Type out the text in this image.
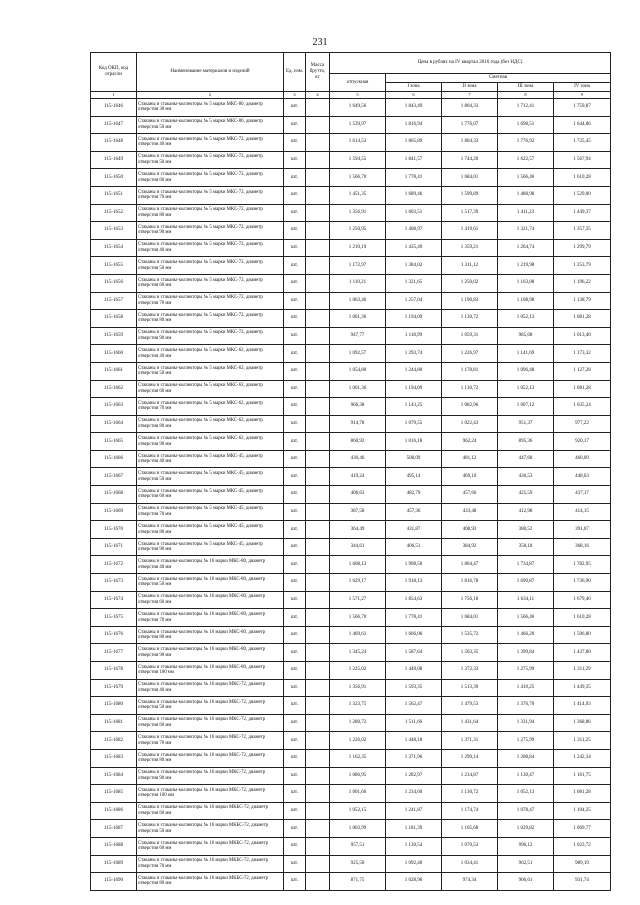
231
Код ОКП, код отрасли	Наименование материалов и изделий	Ед. изм.	Масса брутто, кг	Цена в рублях на IV квартал 2016 года (без НДС)				
				отпускная	Сметная			
					I зона	II зона	III зона	IV зона
1	2	3	4	5	6	7	8	9
115-1646	Стаканы и стаканы-коллекторы № 5 марки МКС-80, диаметр отверстия 30 мм	шт.		1 649,56	1 843,49	1 804,33	1 712,41	1 759,87
115-1647	Стаканы и стаканы-коллекторы № 5 марки МКС-80, диаметр отверстия 50 мм	шт.		1 539,97	1 816,94	1 776,07	1 698,51	1 644,86
115-1648	Стаканы и стаканы-коллекторы № 5 марки МКС-72, диаметр отверстия 40 мм	шт.		1 614,53	1 865,89	1 804,33	1 776,92	1 725,45
115-1649	Стаканы и стаканы-коллекторы № 5 марки МКС-72, диаметр отверстия 50 мм	шт.		1 594,55	1 841,57	1 744,20	1 622,57	1 567,94
115-1650	Стаканы и стаканы-коллекторы № 5 марки МКС-72, диаметр отверстия 60 мм	шт.		1 566,70	1 778,41	1 684,01	1 566,46	1 610,28
115-1651	Стаканы и стаканы-коллекторы № 5 марки МКС-72, диаметр отверстия 70 мм	шт.		1 451,35	1 689,46	1 599,89	1 488,98	1 529,00
115-1652	Стаканы и стаканы-коллекторы № 5 марки МКС-72, диаметр отверстия 80 мм	шт.		1 356,91	1 603,51	1 517,39	1 411,23	1 449,37
115-1653	Стаканы и стаканы-коллекторы № 5 марки МКС-72, диаметр отверстия 90 мм	шт.		1 250,95	1 468,97	1 419,61	1 321,74	1 357,35
115-1654	Стаканы и стаканы-коллекторы № 5 марки МКС-72, диаметр отверстия 40 мм	шт.		1 210,19	1 435,49	1 359,21	1 264,74	1 299,79
115-1655	Стаканы и стаканы-коллекторы № 5 марки МКС-72, диаметр отверстия 50 мм	шт.		1 172,97	1 384,02	1 311,12	1 219,98	1 253,79
115-1656	Стаканы и стаканы-коллекторы № 5 марки МКС-72, диаметр отверстия 60 мм	шт.		1 110,21	1 321,65	1 250,02	1 163,08	1 196,22
115-1657	Стаканы и стаканы-коллекторы № 5 марки МКС-72, диаметр отверстия 70 мм	шт.		1 063,46	1 257,04	1 190,83	1 108,98	1 138,79
115-1658	Стаканы и стаканы-коллекторы № 5 марки МКС-72, диаметр отверстия 80 мм	шт.		1 001,36	1 194,09	1 130,72	1 052,13	1 081,28
115-1659	Стаканы и стаканы-коллекторы № 5 марки МКС-72, диаметр отверстия 90 мм	шт.		947,77	1 118,99	1 059,31	985,68	1 013,40
115-1660	Стаканы и стаканы-коллекторы № 5 марки МКС-62, диаметр отверстия 40 мм	шт.		1 092,57	1 293,74	1 226,97	1 141,69	1 173,32
115-1661	Стаканы и стаканы-коллекторы № 5 марки МКС-62, диаметр отверстия 50 мм	шт.		1 054,80	1 244,80	1 178,81	1 096,48	1 127,28
115-1662	Стаканы и стаканы-коллекторы № 5 марки МКС-62, диаметр отверстия 60 мм	шт.		1 001,36	1 194,09	1 130,72	1 052,13	1 081,28
115-1663	Стаканы и стаканы-коллекторы № 5 марки МКС-62, диаметр отверстия 70 мм	шт.		966,38	1 143,25	1 082,96	1 007,12	1 035,24
115-1664	Стаканы и стаканы-коллекторы № 5 марки МКС-62, диаметр отверстия 80 мм	шт.		914,78	1 079,55	1 022,43	951,37	977,22
115-1665	Стаканы и стаканы-коллекторы № 5 марки МКС-62, диаметр отверстия 90 мм	шт.		860,92	1 016,18	962,24	895,36	920,17
115-1666	Стаканы и стаканы-коллекторы № 5 марки МКС-45, диаметр отверстия 40 мм	шт.		430,46	508,09	481,12	447,68	460,09
115-1667	Стаканы и стаканы-коллекторы № 5 марки МКС-45, диаметр отверстия 50 мм	шт.		419,24	495,14	469,10	436,53	448,63
115-1668	Стаканы и стаканы-коллекторы № 5 марки МКС-45, диаметр отверстия 60 мм	шт.		406,63	482,79	457,66	425,59	437,17
115-1669	Стаканы и стаканы-коллекторы № 5 марки МКС-45, диаметр отверстия 70 мм	шт.		387,58	457,36	433,48	412,98	414,15
115-1670	Стаканы и стаканы-коллекторы № 5 марки МКС-45, диаметр отверстия 80 мм	шт.		364,49	431,87	408,93	380,52	391,07
115-1671	Стаканы и стаканы-коллекторы № 5 марки МКС-45, диаметр отверстия 90 мм	шт.		344,61	406,51	384,92	358,18	368,16
115-1672	Стаканы и стаканы-коллекторы № 16 марки МКС-80, диаметр отверстия 40 мм	шт.		1 608,13	1 908,50	1 804,47	1 734,87	1 782,95
115-1673	Стаканы и стаканы-коллекторы № 16 марки МКС-80, диаметр отверстия 50 мм	шт.		1 629,17	1 918,13	1 816,78	1 690,87	1 736,90
115-1674	Стаканы и стаканы-коллекторы № 16 марки МКС-80, диаметр отверстия 60 мм	шт.		1 571,27	1 854,63	1 756,18	1 634,11	1 679,40
115-1675	Стаканы и стаканы-коллекторы № 16 марки МКС-80, диаметр отверстия 70 мм	шт.		1 566,70	1 778,41	1 684,01	1 566,46	1 610,28
115-1676	Стаканы и стаканы-коллекторы № 16 марки МКС-80, диаметр отверстия 80 мм	шт.		1 469,61	1 666,06	1 535,72	1 466,20	1 506,80
115-1677	Стаканы и стаканы-коллекторы № 16 марки МКС-80, диаметр отверстия 90 мм	шт.		1 345,24	1 587,64	1 503,35	1 399,84	1 437,80
115-1678	Стаканы и стаканы-коллекторы № 16 марки МКС-80, диаметр отверстия 100 мм	шт.		1 225,02	1 449,08	1 372,33	1 275,99	1 311,29
115-1679	Стаканы и стаканы-коллекторы № 16 марки МКС-72, диаметр отверстия 40 мм	шт.		1 356,91	1 593,35	1 513,39	1 410,25	1 449,35
115-1680	Стаканы и стаканы-коллекторы № 16 марки МКС-72, диаметр отверстия 50 мм	шт.		1 323,75	1 562,47	1 479,53	1 376,70	1 414,93
115-1681	Стаканы и стаканы-коллекторы № 16 марки МКС-72, диаметр отверстия 60 мм	шт.		1 280,72	1 511,66	1 431,64	1 331,94	1 368,86
115-1682	Стаканы и стаканы-коллекторы № 16 марки МКС-72, диаметр отверстия 70 мм	шт.		1 226,02	1 448,18	1 371,31	1 275,99	1 311,25
115-1683	Стаканы и стаканы-коллекторы № 16 марки МКС-72, диаметр отверстия 80 мм	шт.		1 162,35	1 371,96	1 299,14	1 208,84	1 242,34
115-1684	Стаканы и стаканы-коллекторы № 16 марки МКС-72, диаметр отверстия 90 мм	шт.		1 086,95	1 282,97	1 214,87	1 130,47	1 161,75
115-1685	Стаканы и стаканы-коллекторы № 16 марки МКС-72, диаметр отверстия 100 мм	шт.		1 001,66	1 234,60	1 130,72	1 052,13	1 081,28
115-1686	Стаканы и стаканы-коллекторы № 16 марки МКБС-72, диаметр отверстия 60 мм	шт.		1 052,15	1 241,87	1 174,74	1 078,47	1 104,25
115-1687	Стаканы и стаканы-коллекторы № 16 марки МКБС-72, диаметр отверстия 50 мм	шт.		1 003,99	1 181,39	1 105,68	1 029,82	1 069,77
115-1688	Стаканы и стаканы-коллекторы № 16 марки МКБС-72, диаметр отверстия 60 мм	шт.		957,51	1 130,54	1 070,53	996,12	1 023,72
115-1689	Стаканы и стаканы-коллекторы № 16 марки МКБС-72, диаметр отверстия 70 мм	шт.		925,50	1 092,40	1 034,41	962,51	989,19
115-1690	Стаканы и стаканы-коллекторы № 16 марки МКБС-72, диаметр отверстия 80 мм	шт.		871,75	1 028,96	974,34	906,61	931,74
